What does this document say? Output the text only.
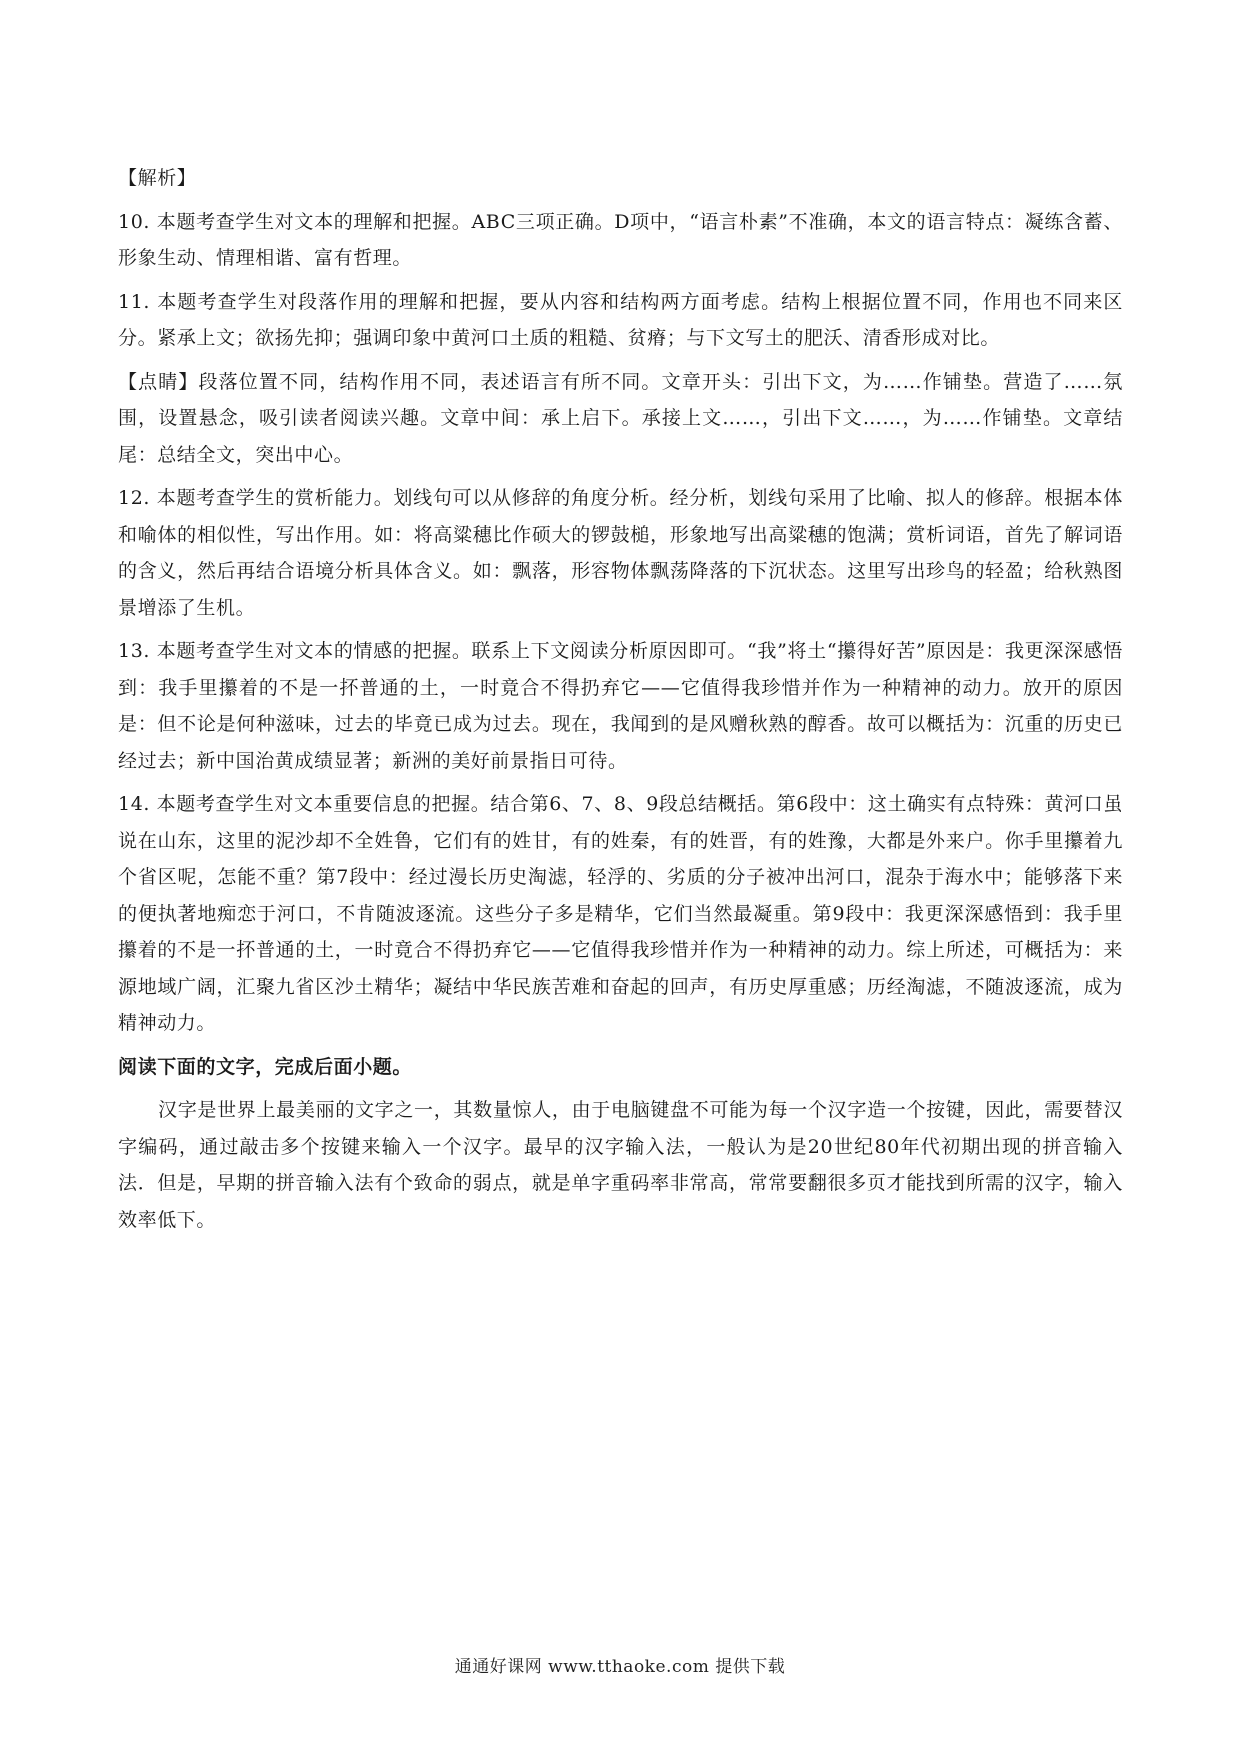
【解析】

10. 本题考查学生对文本的理解和把握。ABC三项正确。D项中，“语言朴素”不准确，本文的语言特点：凝练含蓄、形象生动、情理相谐、富有哲理。

11. 本题考查学生对段落作用的理解和把握，要从内容和结构两方面考虑。结构上根据位置不同，作用也不同来区分。紧承上文；欲扬先抑；强调印象中黄河口土质的粗糙、贫瘠；与下文写土的肥沃、清香形成对比。

【点睛】段落位置不同，结构作用不同，表述语言有所不同。文章开头：引出下文，为……作铺垫。营造了……氛围，设置悬念，吸引读者阅读兴趣。文章中间：承上启下。承接上文……，引出下文……，为……作铺垫。文章结尾：总结全文，突出中心。

12. 本题考查学生的赏析能力。划线句可以从修辞的角度分析。经分析，划线句采用了比喻、拟人的修辞。根据本体和喻体的相似性，写出作用。如：将高粱穗比作硕大的锣鼓槌，形象地写出高粱穗的饱满；赏析词语，首先了解词语的含义，然后再结合语境分析具体含义。如：飘落，形容物体飘荡降落的下沉状态。这里写出珍鸟的轻盈；给秋熟图景增添了生机。

13. 本题考查学生对文本的情感的把握。联系上下文阅读分析原因即可。“我”将土“攥得好苦”原因是：我更深深感悟到：我手里攥着的不是一抔普通的土，一时竟合不得扔弃它——它值得我珍惜并作为一种精神的动力。放开的原因是：但不论是何种滋味，过去的毕竟已成为过去。现在，我闻到的是风赠秋熟的醇香。故可以概括为：沉重的历史已经过去；新中国治黄成绩显著；新洲的美好前景指日可待。

14. 本题考查学生对文本重要信息的把握。结合第6、7、8、9段总结概括。第6段中：这土确实有点特殊：黄河口虽说在山东，这里的泥沙却不全姓鲁，它们有的姓甘，有的姓秦，有的姓晋，有的姓豫，大都是外来户。你手里攥着九个省区呢，怎能不重？第7段中：经过漫长历史淘滤，轻浮的、劣质的分子被冲出河口，混杂于海水中；能够落下来的便执著地痴恋于河口，不肯随波逐流。这些分子多是精华，它们当然最凝重。第9段中：我更深深感悟到：我手里攥着的不是一抔普通的土，一时竟合不得扔弃它——它值得我珍惜并作为一种精神的动力。综上所述，可概括为：来源地域广阔，汇聚九省区沙土精华；凝结中华民族苦难和奋起的回声，有历史厚重感；历经淘滤，不随波逐流，成为精神动力。

阅读下面的文字，完成后面小题。

汉字是世界上最美丽的文字之一，其数量惊人，由于电脑键盘不可能为每一个汉字造一个按键，因此，需要替汉字编码，通过敲击多个按键来输入一个汉字。最早的汉字输入法，一般认为是20世纪80年代初期出现的拼音输入法．但是，早期的拼音输入法有个致命的弱点，就是单字重码率非常高，常常要翻很多页才能找到所需的汉字，输入效率低下。

通通好课网 www.tthaoke.com 提供下载
